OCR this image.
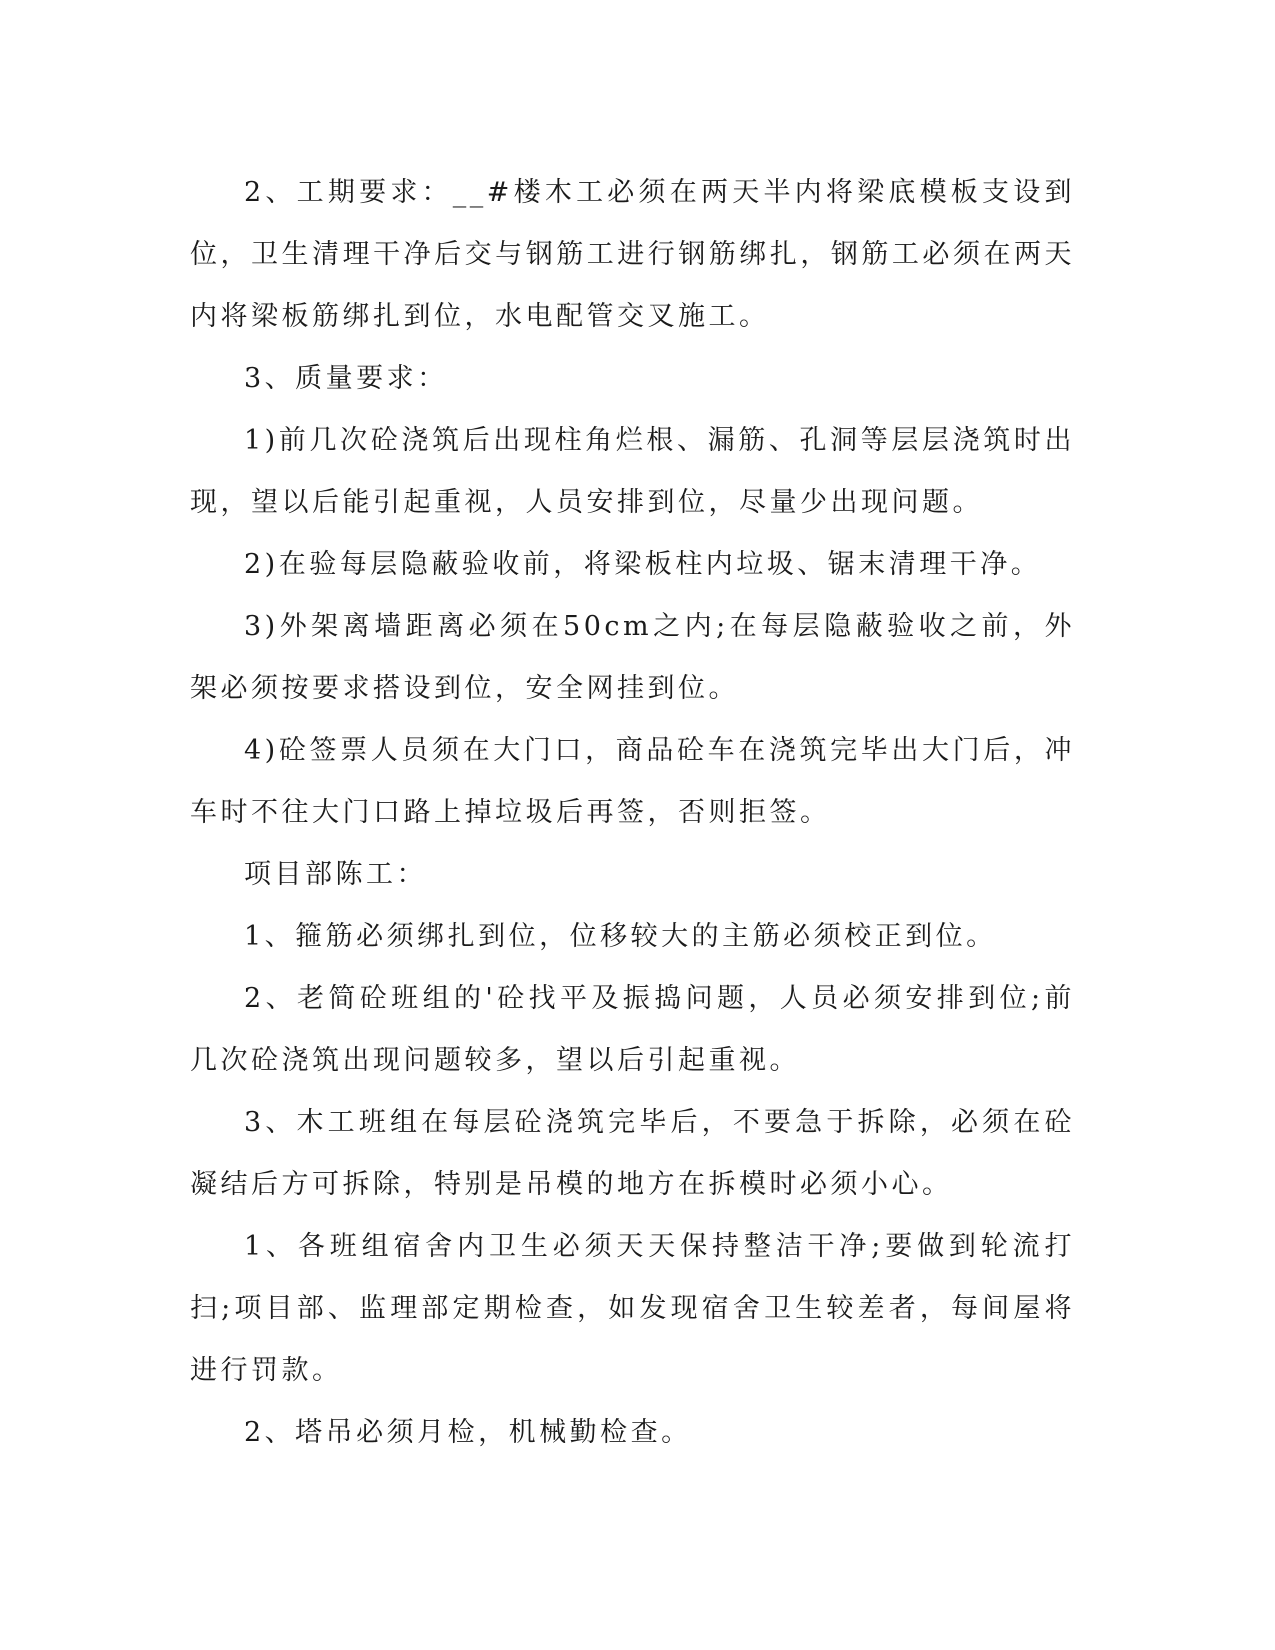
2、工期要求：__#楼木工必须在两天半内将梁底模板支设到位，卫生清理干净后交与钢筋工进行钢筋绑扎，钢筋工必须在两天内将梁板筋绑扎到位，水电配管交叉施工。

3、质量要求：

1)前几次砼浇筑后出现柱角烂根、漏筋、孔洞等层层浇筑时出现，望以后能引起重视，人员安排到位，尽量少出现问题。

2)在验每层隐蔽验收前，将梁板柱内垃圾、锯末清理干净。

3)外架离墙距离必须在50cm之内;在每层隐蔽验收之前，外架必须按要求搭设到位，安全网挂到位。

4)砼签票人员须在大门口，商品砼车在浇筑完毕出大门后，冲车时不往大门口路上掉垃圾后再签，否则拒签。

项目部陈工：

1、箍筋必须绑扎到位，位移较大的主筋必须校正到位。

2、老简砼班组的'砼找平及振捣问题，人员必须安排到位;前几次砼浇筑出现问题较多，望以后引起重视。

3、木工班组在每层砼浇筑完毕后，不要急于拆除，必须在砼凝结后方可拆除，特别是吊模的地方在拆模时必须小心。

1、各班组宿舍内卫生必须天天保持整洁干净;要做到轮流打扫;项目部、监理部定期检查，如发现宿舍卫生较差者，每间屋将进行罚款。

2、塔吊必须月检，机械勤检查。
